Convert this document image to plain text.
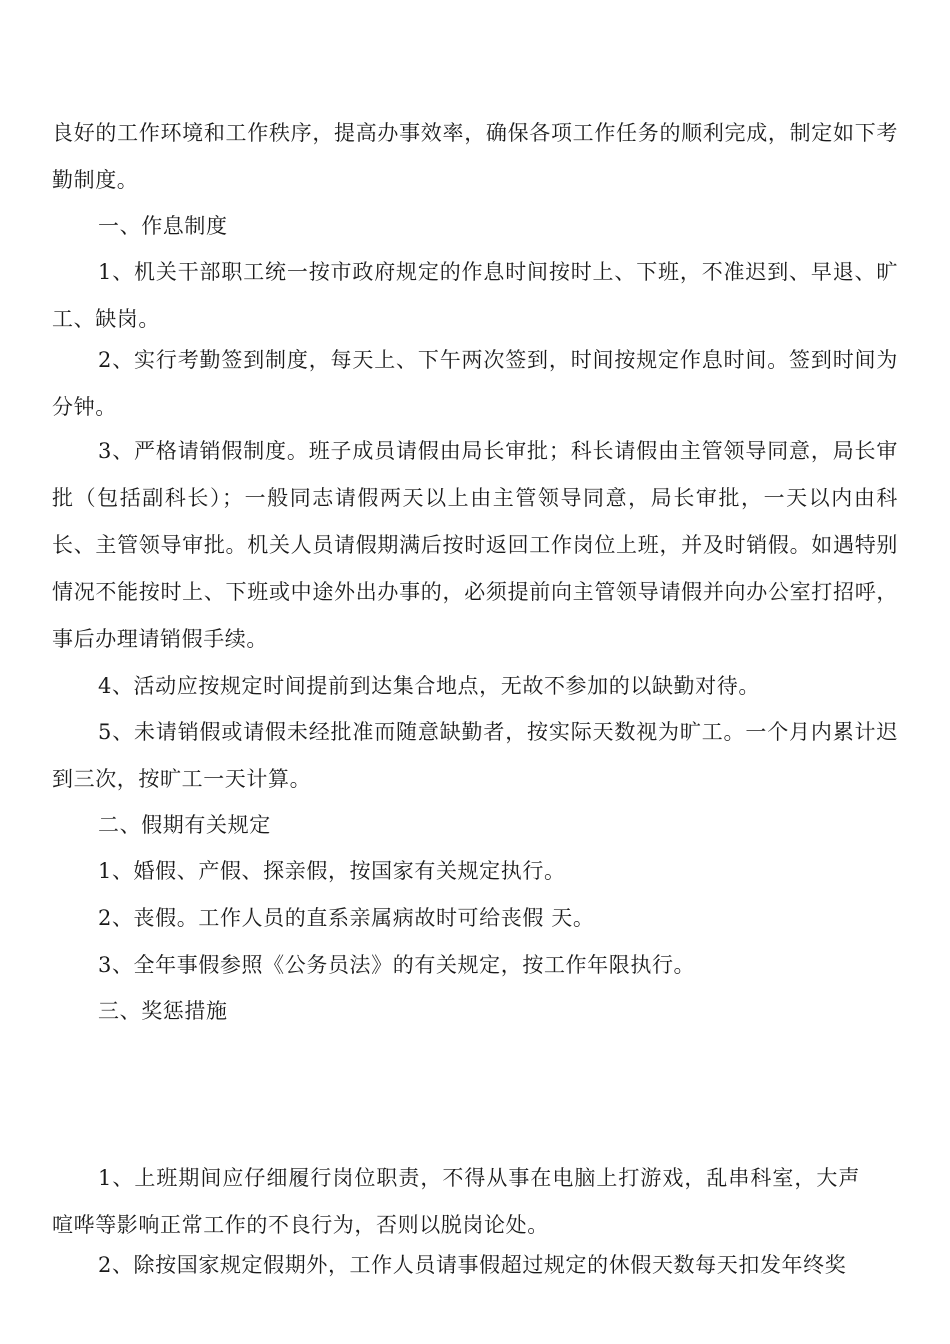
良好的工作环境和工作秩序，提高办事效率，确保各项工作任务的顺利完成，制定如下考勤制度。

一、作息制度

1、机关干部职工统一按市政府规定的作息时间按时上、下班，不准迟到、早退、旷工、缺岗。

2、实行考勤签到制度，每天上、下午两次签到，时间按规定作息时间。签到时间为 分钟。

3、严格请销假制度。班子成员请假由局长审批；科长请假由主管领导同意，局长审批（包括副科长）；一般同志请假两天以上由主管领导同意，局长审批，一天以内由科长、主管领导审批。机关人员请假期满后按时返回工作岗位上班，并及时销假。如遇特别情况不能按时上、下班或中途外出办事的，必须提前向主管领导请假并向办公室打招呼，事后办理请销假手续。

4、活动应按规定时间提前到达集合地点，无故不参加的以缺勤对待。

5、未请销假或请假未经批准而随意缺勤者，按实际天数视为旷工。一个月内累计迟到三次，按旷工一天计算。

二、假期有关规定

1、婚假、产假、探亲假，按国家有关规定执行。

2、丧假。工作人员的直系亲属病故时可给丧假 天。

3、全年事假参照《公务员法》的有关规定，按工作年限执行。

三、奖惩措施

1、上班期间应仔细履行岗位职责，不得从事在电脑上打游戏，乱串科室，大声喧哗等影响正常工作的不良行为，否则以脱岗论处。

2、除按国家规定假期外，工作人员请事假超过规定的休假天数每天扣发年终奖
